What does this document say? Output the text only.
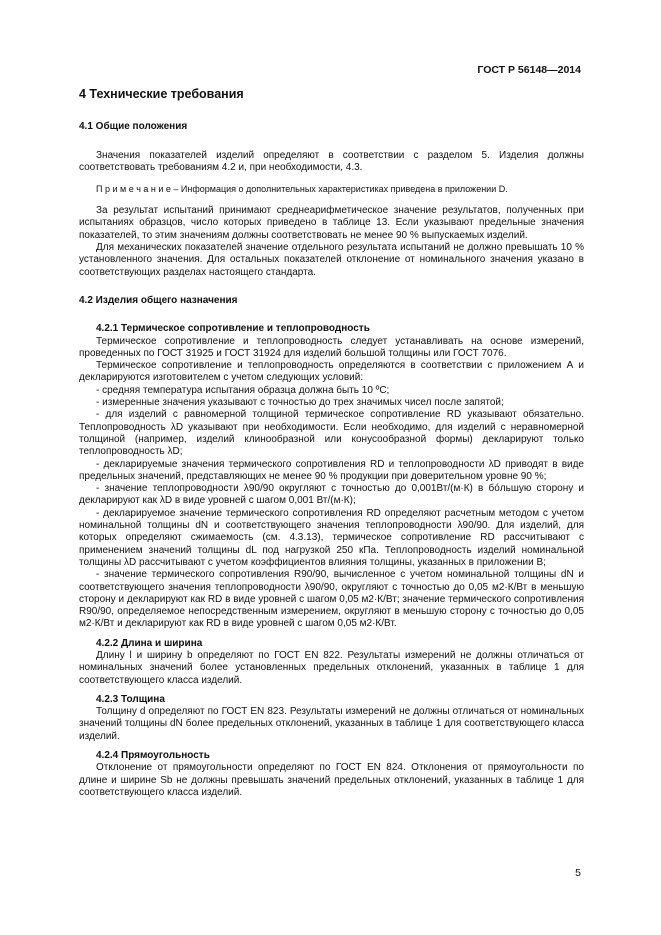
ГОСТ Р 56148—2014
4 Технические требования
4.1 Общие положения

Значения показателей изделий определяют в соответствии с разделом 5. Изделия должны соответствовать требованиям 4.2 и, при необходимости, 4.3.

П р и м е ч а н и е – Информация о дополнительных характеристиках приведена в приложении D.

За результат испытаний принимают среднеарифметическое значение результатов, полученных при испытаниях образцов, число которых приведено в таблице 13. Если указывают предельные значения показателей, то этим значениям должны соответствовать не менее 90 % выпускаемых изделий.

Для механических показателей значение отдельного результата испытаний не должно превышать 10 % установленного значения. Для остальных показателей отклонение от номинального значения указано в соответствующих разделах настоящего стандарта.

4.2 Изделия общего назначения
4.2.1 Термическое сопротивление и теплопроводность

Термическое сопротивление и теплопроводность следует устанавливать на основе измерений, проведенных по ГОСТ 31925 и ГОСТ 31924 для изделий большой толщины или ГОСТ 7076.

Термическое сопротивление и теплопроводность определяются в соответствии с приложением А и декларируются изготовителем с учетом следующих условий:

- средняя температура испытания образца должна быть 10 ºС;

- измеренные значения указывают с точностью до трех значимых чисел после запятой;

- для изделий с равномерной толщиной термическое сопротивление RD указывают обязательно. Теплопроводность λD указывают при необходимости. Если необходимо, для изделий с неравномерной толщиной (например, изделий клинообразной или конусообразной формы) декларируют только теплопроводность λD;

- декларируемые значения термического сопротивления RD и теплопроводности λD приводят в виде предельных значений, представляющих не менее 90 % продукции при доверительном уровне 90 %;

- значение теплопроводности λ90/90 округляют с точностью до 0,001Вт/(м·К) в бóльшую сторону и декларируют как λD в виде уровней с шагом 0,001 Вт/(м·К);

- декларируемое значение термического сопротивления RD определяют расчетным методом с учетом номинальной толщины dN и соответствующего значения теплопроводности λ90/90. Для изделий, для которых определяют сжимаемость (см. 4.3.13), термическое сопротивление RD рассчитывают с применением значений толщины dL под нагрузкой 250 кПа. Теплопроводность изделий номинальной толщины λD рассчитывают с учетом коэффициентов влияния толщины, указанных в приложении В;

- значение термического сопротивления R90/90, вычисленное с учетом номинальной толщины dN и соответствующего значения теплопроводности λ90/90, округляют с точностью до 0,05 м2·К/Вт в меньшую сторону и декларируют как RD в виде уровней с шагом 0,05 м2·К/Вт; значение термического сопротивления R90/90, определяемое непосредственным измерением, округляют в меньшую сторону с точностью до 0,05 м2·К/Вт и декларируют как RD в виде уровней с шагом 0,05 м2·К/Вт.

4.2.2 Длина и ширина

Длину l и ширину b определяют по ГОСТ EN 822. Результаты измерений не должны отличаться от номинальных значений более установленных предельных отклонений, указанных в таблице 1 для соответствующего класса изделий.

4.2.3 Толщина

Толщину d определяют по ГОСТ EN 823. Результаты измерений не должны отличаться от номинальных значений толщины dN более предельных отклонений, указанных в таблице 1 для соответствующего класса изделий.

4.2.4 Прямоугольность

Отклонение от прямоугольности определяют по ГОСТ EN 824. Отклонения от прямоугольности по длине и ширине Sb не должны превышать значений предельных отклонений, указанных в таблице 1 для соответствующего класса изделий.

5
